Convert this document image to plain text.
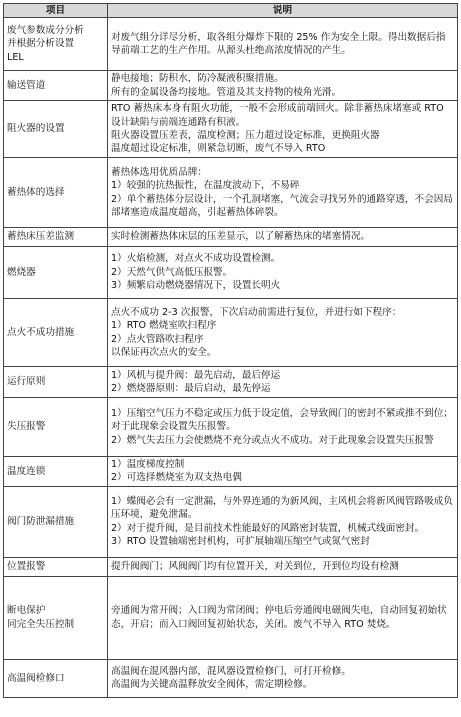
项目	说明

废气参数成分分析
并根据分析设置
LEL	对废气组分详尽分析，取各组分爆炸下限的 25% 作为安全上限。得出数据后指导前端工艺的生产作用。从源头杜绝高浓度情况的产生。

输送管道	静电接地；防积水，防冷凝液积聚措施。
所有的金属设备均接地。管道及其支持物的棱角光滑。

阻火器的设置	RTO 蓄热床本身有阻火功能，一般不会形成前端回火。除非蓄热床堵塞或 RTO 设计缺陷与前端连通路有积液。
阻火器设置压差表，温度检测；压力超过设定标准，更换阻火器
温度超过设定标准，则紧急切断，废气不导入 RTO

蓄热体的选择	蓄热体选用优质品牌：
1）较强的抗热振性，在温度波动下，不易碎
2）单个蓄热体分层设计，一个孔洞堵塞，气流会寻找另外的通路穿透，不会因局部堵塞造成温度超高，引起蓄热体碎裂。

蓄热床压差监测	实时检测蓄热体床层的压差显示，以了解蓄热床的堵塞情况。

燃烧器	1）火焰检测，对点火不成功设置检测。
2）天然气供气高低压报警。
3）频繁启动燃烧器情况下，设置长明火

点火不成功措施	点火不成功 2-3 次报警，下次启动前需进行复位，并进行如下程序：
1）RTO 燃烧室吹扫程序
2）点火管路吹扫程序
以保证再次点火的安全。

运行原则	1）风机与提升阀：最先启动，最后停运
2）燃烧器原则：最后启动，最先停运

失压报警	1）压缩空气压力不稳定或压力低于设定值，会导致阀门的密封不紧或推不到位；对于此现象会设置失压报警。
2）燃气失去压力会使燃烧不充分或点火不成功。对于此现象会设置失压报警

温度连锁	1）温度梯度控制
2）可选择燃烧室为双支热电偶

阀门防泄漏措施	1）蝶阀必会有一定泄漏，与外界连通的为新风阀，主风机会将新风阀管路吸成负压环境，避免泄漏。
2）对于提升阀，是目前技术性能最好的风路密封装置，机械式线面密封。
3）RTO 设置轴端密封机构，可扩展轴端压缩空气或氮气密封

位置报警	提升阀阀门；风阀阀门均有位置开关，对关到位，开到位均设有检测

断电保护
同完全失压控制	旁通阀为常开阀；入口阀为常闭阀；停电后旁通阀电磁阀失电，自动回复初始状态，开启；而入口阀回复初始状态，关闭。废气不导入 RTO 焚烧。

高温阀检修口	高温阀在混风器内部，混风器设置检修门，可打开检修。
高温阀为关键高温释放安全阀体，需定期检修。
